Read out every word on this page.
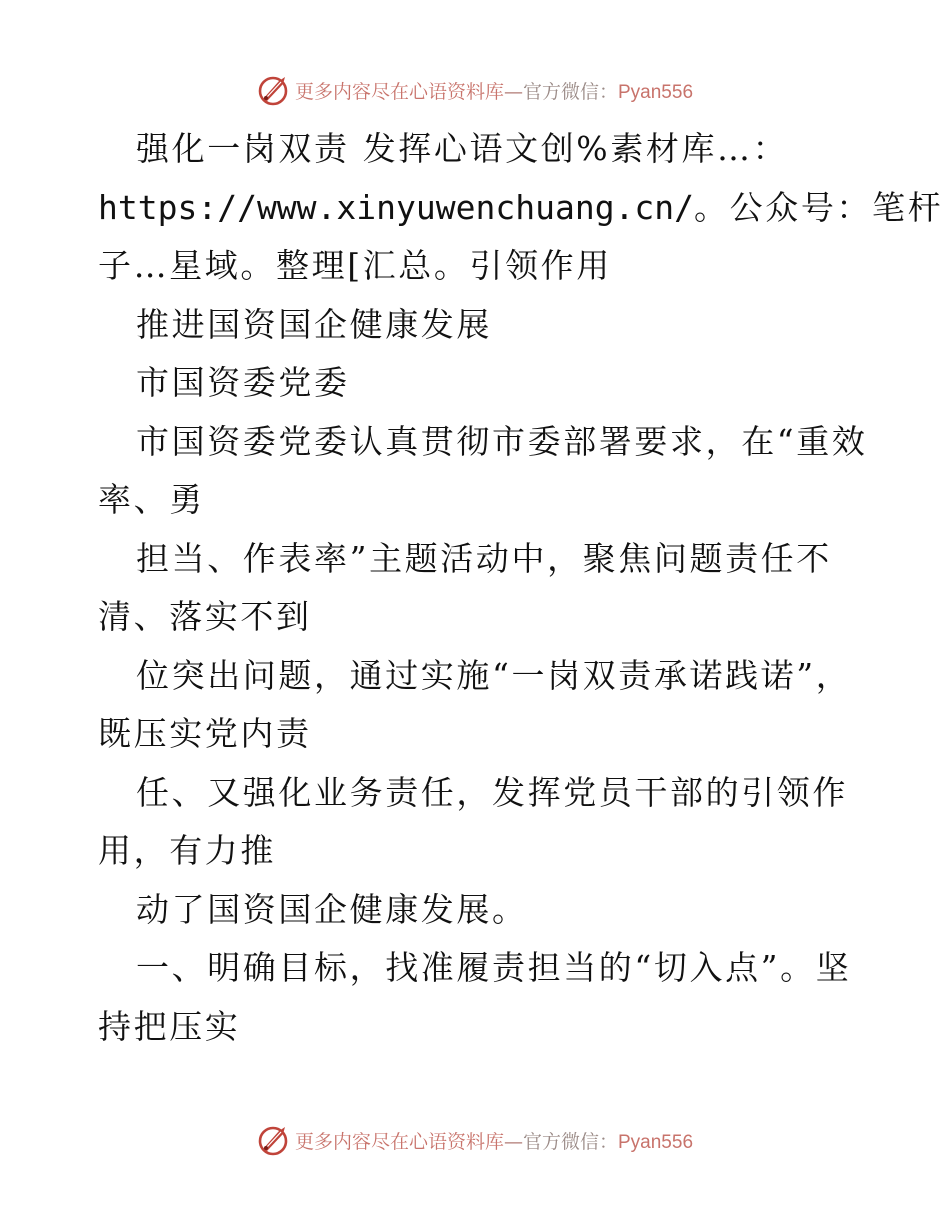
更多内容尽在心语资料库—官方微信：Pyan556
强化一岗双责 发挥心语文创%素材库…：
https://www.xinyuwenchuang.cn/。公众号：笔杆
子…星域。整理[汇总。引领作用
推进国资国企健康发展
市国资委党委
市国资委党委认真贯彻市委部署要求，在“重效
率、勇
担当、作表率”主题活动中，聚焦问题责任不
清、落实不到
位突出问题，通过实施“一岗双责承诺践诺”，
既压实党内责
任、又强化业务责任，发挥党员干部的引领作
用，有力推
动了国资国企健康发展。
一、明确目标，找准履责担当的“切入点”。坚
持把压实
更多内容尽在心语资料库—官方微信：Pyan556
